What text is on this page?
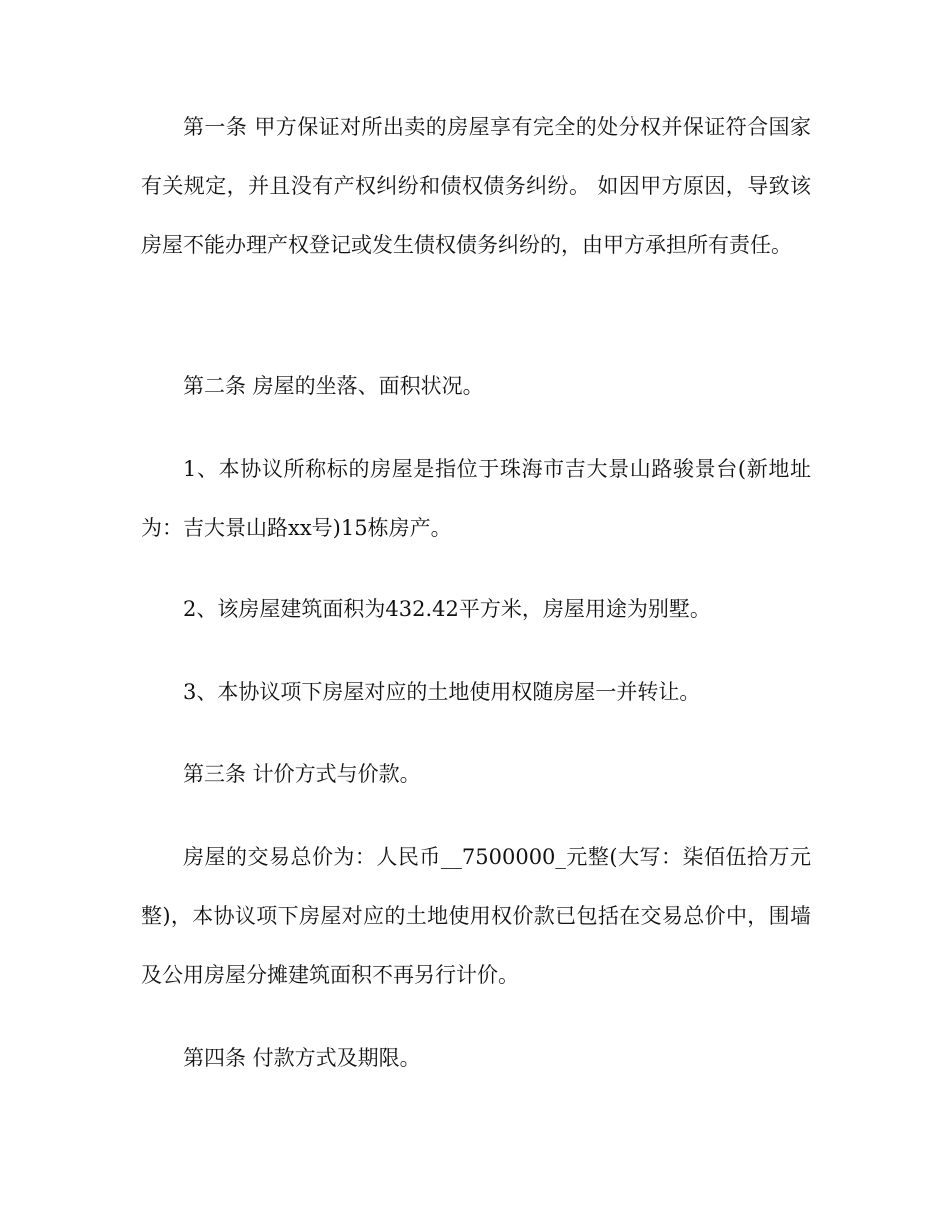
第一条 甲方保证对所出卖的房屋享有完全的处分权并保证符合国家有关规定，并且没有产权纠纷和债权债务纠纷。 如因甲方原因，导致该房屋不能办理产权登记或发生债权债务纠纷的，由甲方承担所有责任。

第二条 房屋的坐落、面积状况。

1、本协议所称标的房屋是指位于珠海市吉大景山路骏景台(新地址为：吉大景山路xx号)15栋房产。

2、该房屋建筑面积为432.42平方米，房屋用途为别墅。

3、本协议项下房屋对应的土地使用权随房屋一并转让。

第三条 计价方式与价款。

房屋的交易总价为：人民币__7500000_元整(大写：柒佰伍拾万元整)，本协议项下房屋对应的土地使用权价款已包括在交易总价中，围墙及公用房屋分摊建筑面积不再另行计价。

第四条 付款方式及期限。
